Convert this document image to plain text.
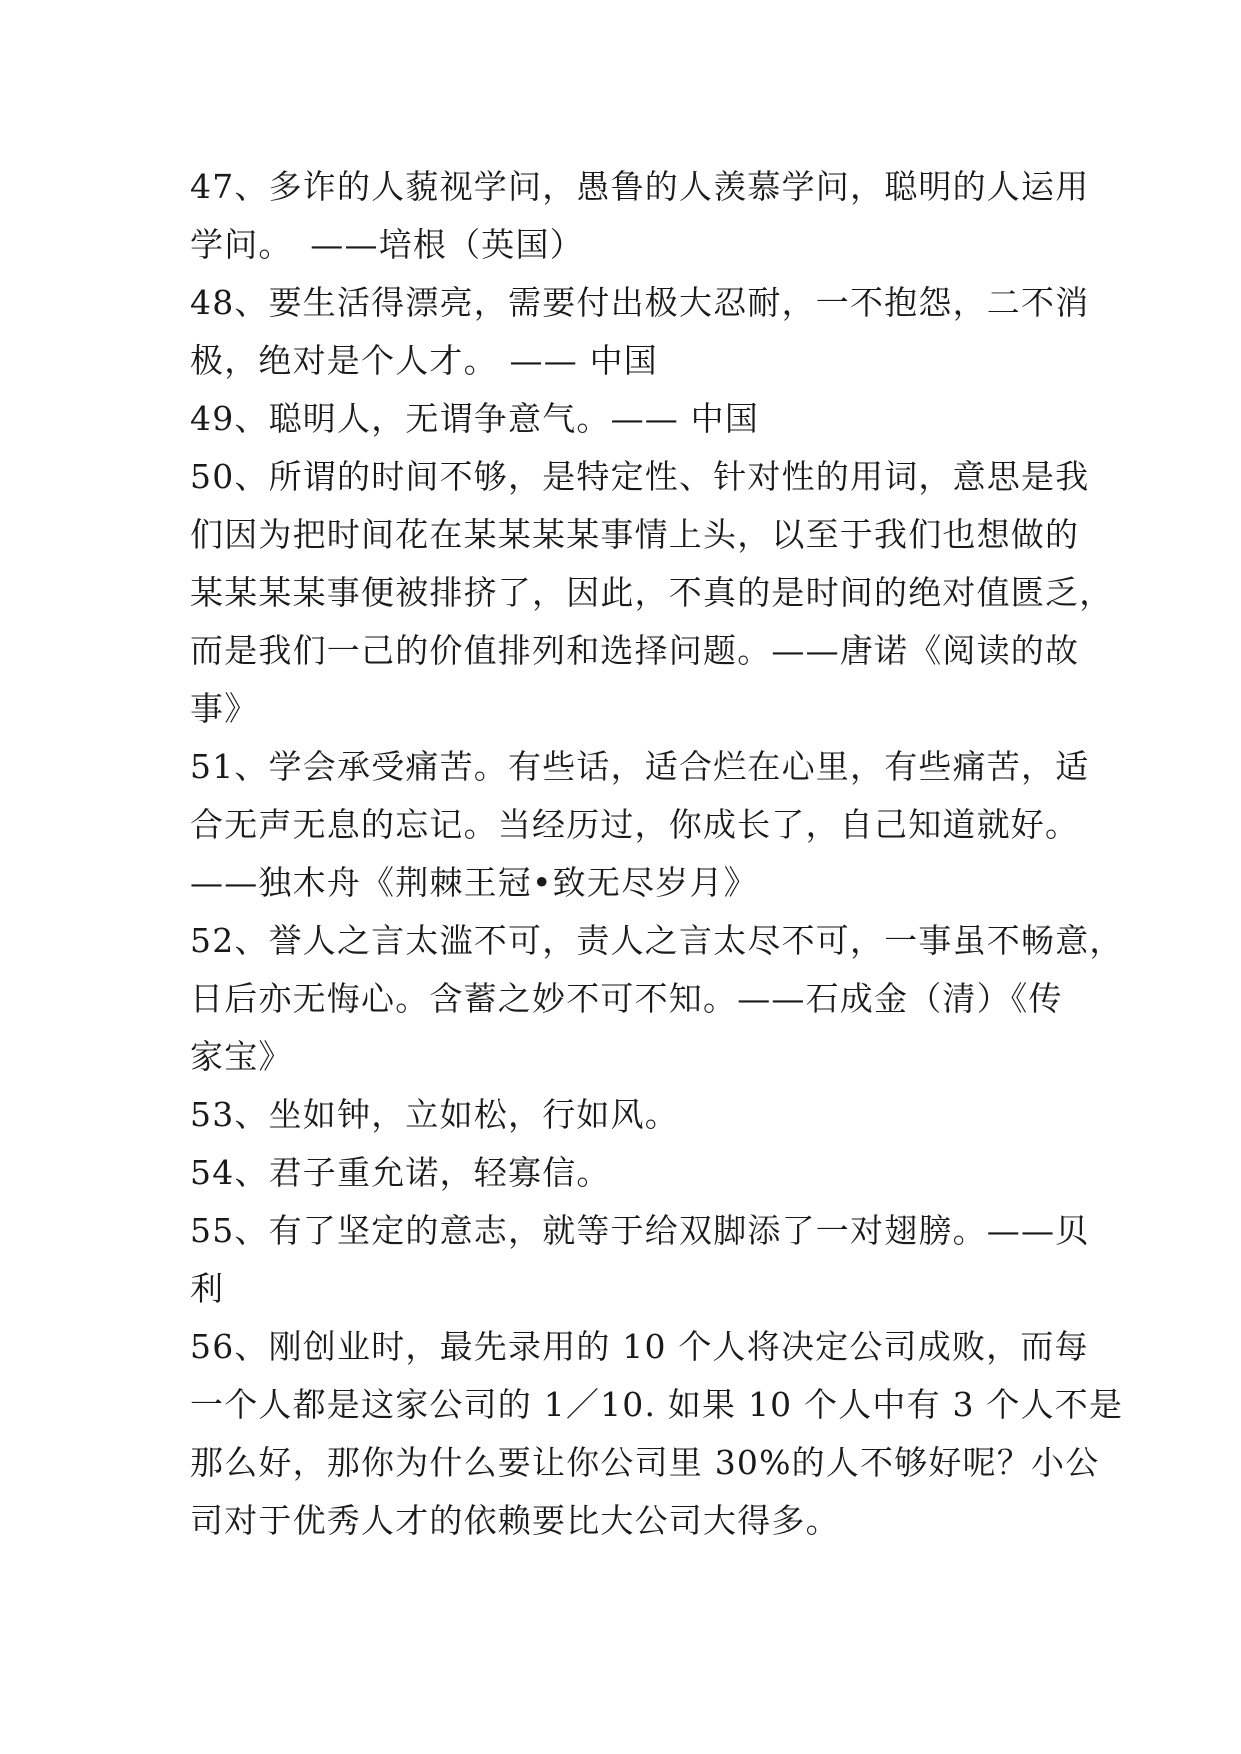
47、多诈的人藐视学问，愚鲁的人羡慕学问，聪明的人运用
学问。　——培根（英国）
48、要生活得漂亮，需要付出极大忍耐，一不抱怨，二不消
极，绝对是个人才。 —— 中国
49、聪明人，无谓争意气。—— 中国
50、所谓的时间不够，是特定性、针对性的用词，意思是我
们因为把时间花在某某某某事情上头，以至于我们也想做的
某某某某事便被排挤了，因此，不真的是时间的绝对值匮乏，
而是我们一己的价值排列和选择问题。——唐诺《阅读的故
事》
51、学会承受痛苦。有些话，适合烂在心里，有些痛苦，适
合无声无息的忘记。当经历过，你成长了，自己知道就好。
——独木舟《荆棘王冠•致无尽岁月》
52、誉人之言太滥不可，责人之言太尽不可，一事虽不畅意，
日后亦无悔心。含蓄之妙不可不知。——石成金（清）《传
家宝》
53、坐如钟，立如松，行如风。
54、君子重允诺，轻寡信。
55、有了坚定的意志，就等于给双脚添了一对翅膀。——贝
利
56、刚创业时，最先录用的 10 个人将决定公司成败，而每
一个人都是这家公司的 1／10. 如果 10 个人中有 3 个人不是
那么好，那你为什么要让你公司里 30%的人不够好呢？小公
司对于优秀人才的依赖要比大公司大得多。
